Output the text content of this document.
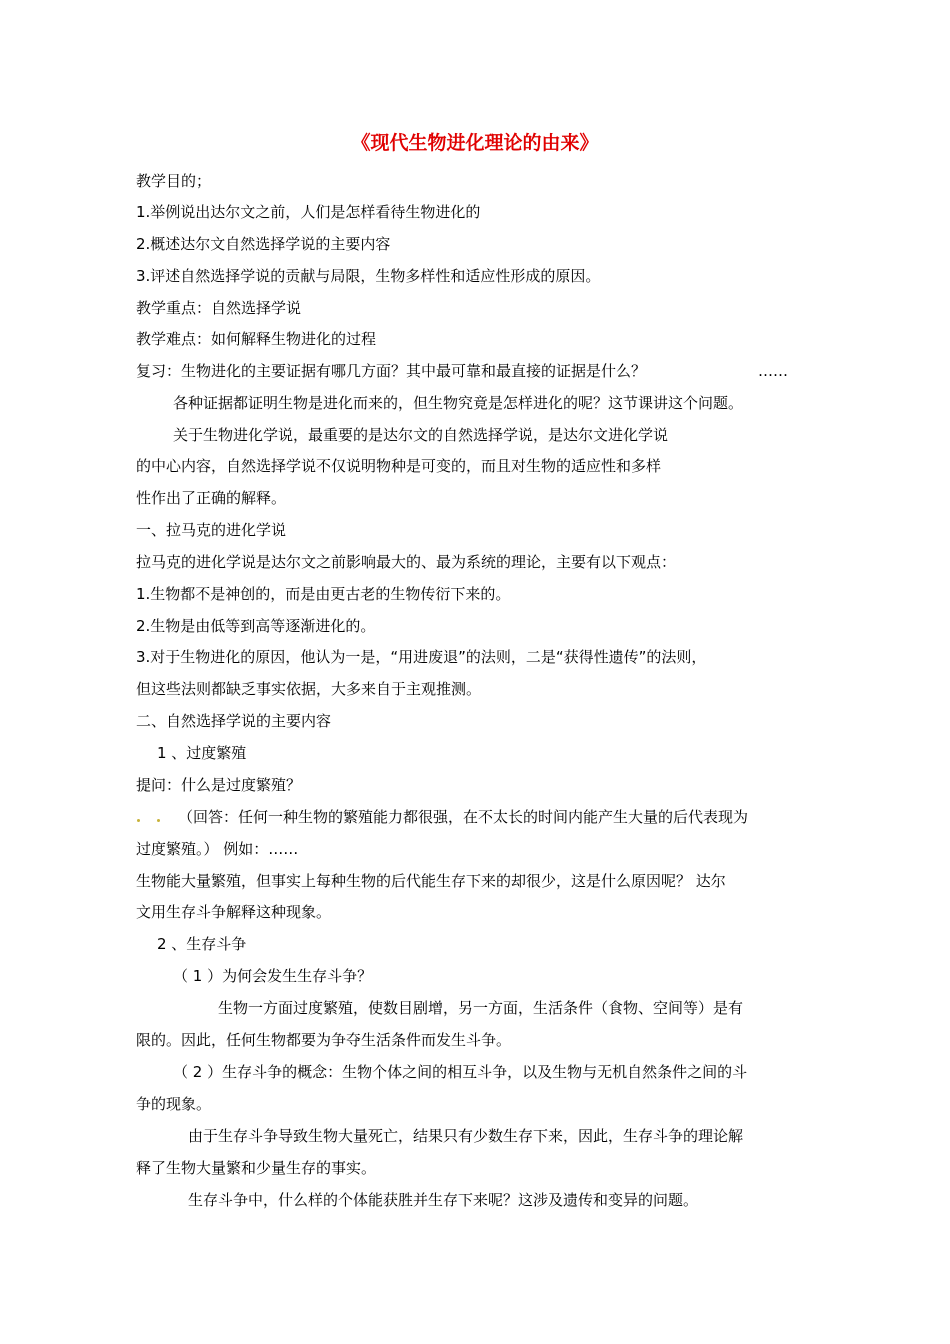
《现代生物进化理论的由来》
教学目的；
1.举例说出达尔文之前，人们是怎样看待生物进化的
2.概述达尔文自然选择学说的主要内容
3.评述自然选择学说的贡献与局限，生物多样性和适应性形成的原因。
教学重点：自然选择学说
教学难点：如何解释生物进化的过程
复习：生物进化的主要证据有哪几方面？其中最可靠和最直接的证据是什么？	……
各种证据都证明生物是进化而来的，但生物究竟是怎样进化的呢？这节课讲这个问题。
关于生物进化学说，最重要的是达尔文的自然选择学说，是达尔文进化学说
的中心内容，自然选择学说不仅说明物种是可变的，而且对生物的适应性和多样
性作出了正确的解释。
一、拉马克的进化学说
拉马克的进化学说是达尔文之前影响最大的、最为系统的理论，主要有以下观点：
1.生物都不是神创的，而是由更古老的生物传衍下来的。
2.生物是由低等到高等逐渐进化的。
3.对于生物进化的原因，他认为一是，“用进废退”的法则，二是“获得性遗传”的法则，
但这些法则都缺乏事实依据，大多来自于主观推测。
二、自然选择学说的主要内容
1 、过度繁殖
提问：什么是过度繁殖？
（回答：任何一种生物的繁殖能力都很强，在不太长的时间内能产生大量的后代表现为
过度繁殖。） 例如：……
生物能大量繁殖，但事实上每种生物的后代能生存下来的却很少，这是什么原因呢？ 达尔
文用生存斗争解释这种现象。
2 、生存斗争
（ 1 ）为何会发生生存斗争？
生物一方面过度繁殖，使数目剧增，另一方面，生活条件（食物、空间等）是有
限的。因此，任何生物都要为争夺生活条件而发生斗争。
（ 2 ）生存斗争的概念：生物个体之间的相互斗争，以及生物与无机自然条件之间的斗
争的现象。
由于生存斗争导致生物大量死亡，结果只有少数生存下来，因此，生存斗争的理论解
释了生物大量繁和少量生存的事实。
生存斗争中，什么样的个体能获胜并生存下来呢？这涉及遗传和变异的问题。
